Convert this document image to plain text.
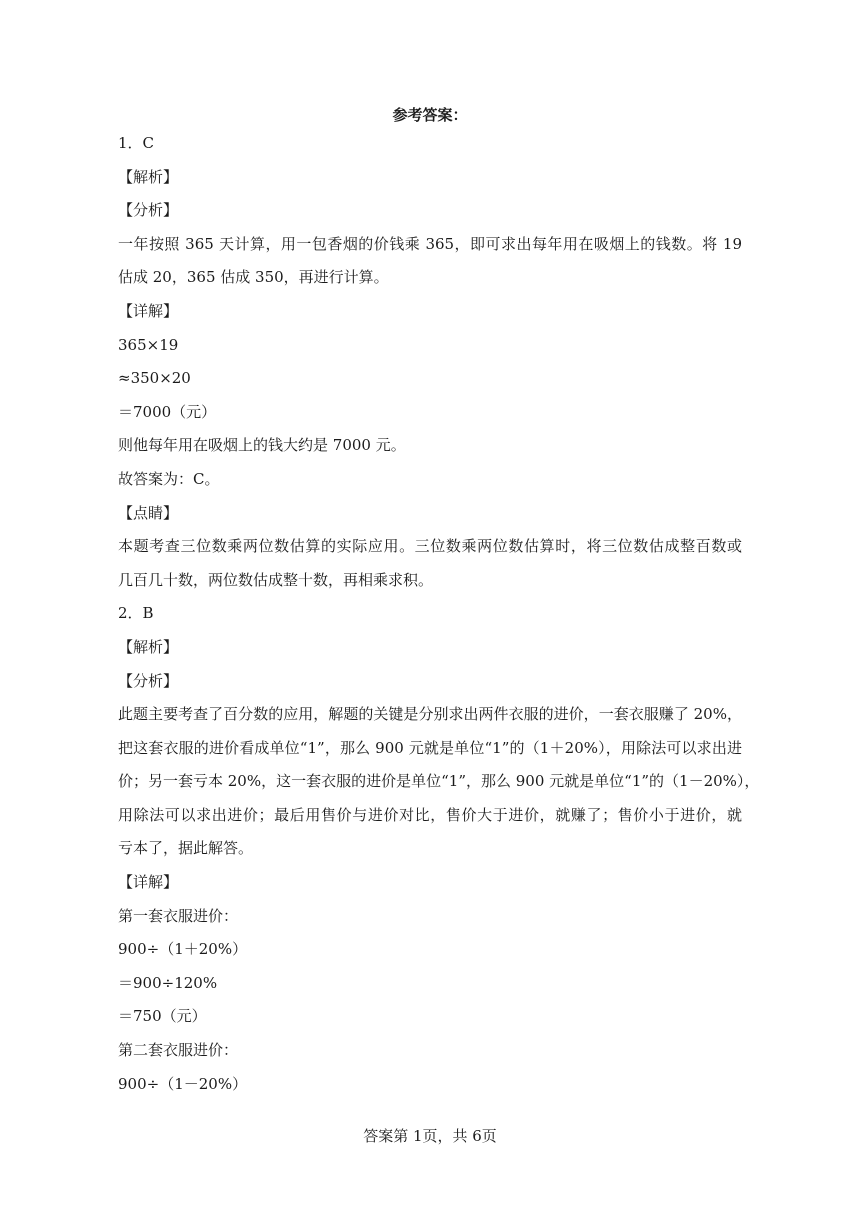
参考答案：
1．C
【解析】
【分析】
一年按照 365 天计算，用一包香烟的价钱乘 365，即可求出每年用在吸烟上的钱数。将 19
估成 20，365 估成 350，再进行计算。
【详解】
365×19
≈350×20
＝7000（元）
则他每年用在吸烟上的钱大约是 7000 元。
故答案为：C。
【点睛】
本题考查三位数乘两位数估算的实际应用。三位数乘两位数估算时，将三位数估成整百数或
几百几十数，两位数估成整十数，再相乘求积。
2．B
【解析】
【分析】
此题主要考查了百分数的应用，解题的关键是分别求出两件衣服的进价，一套衣服赚了 20%，
把这套衣服的进价看成单位“1”，那么 900 元就是单位“1”的（1＋20%），用除法可以求出进
价；另一套亏本 20%，这一套衣服的进价是单位“1”，那么 900 元就是单位“1”的（1－20%），
用除法可以求出进价；最后用售价与进价对比，售价大于进价，就赚了；售价小于进价，就
亏本了，据此解答。
【详解】
第一套衣服进价：
900÷（1＋20%）
＝900÷120%
＝750（元）
第二套衣服进价：
900÷（1－20%）
答案第 1页，共 6页
